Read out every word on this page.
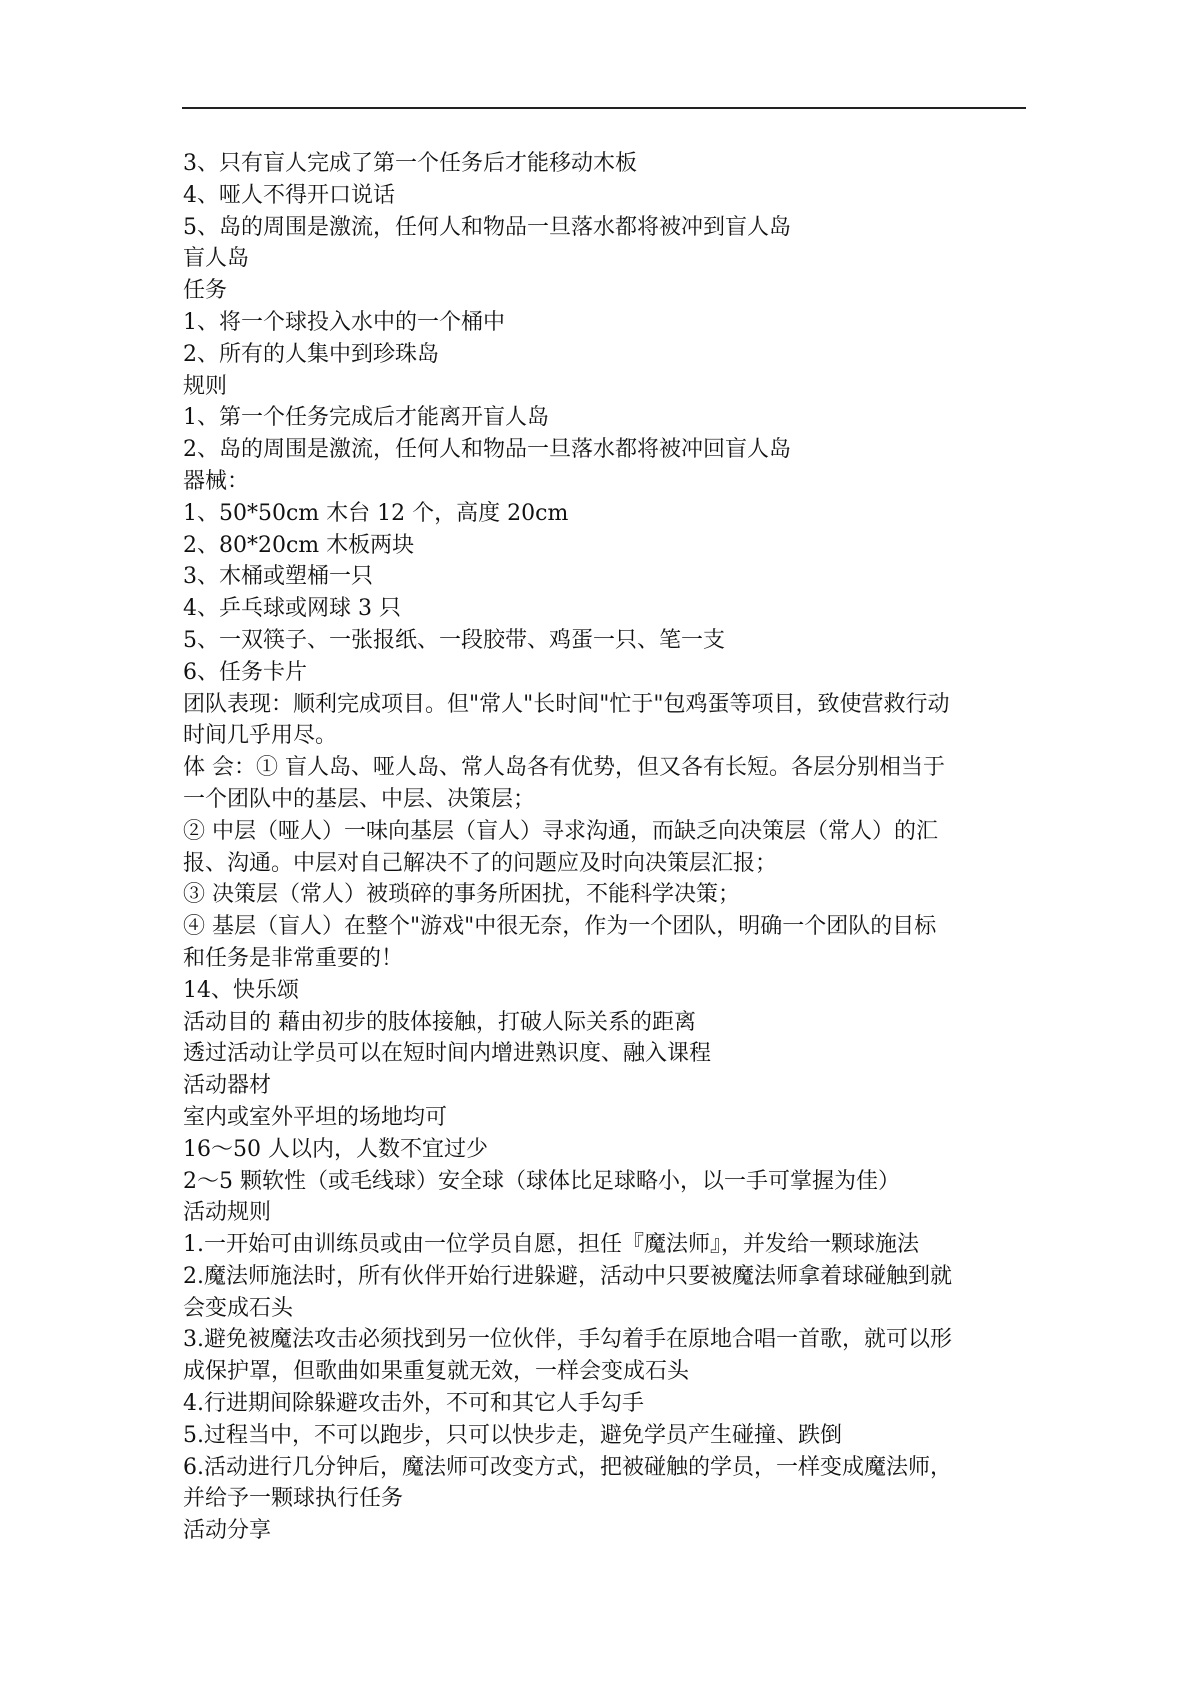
3、只有盲人完成了第一个任务后才能移动木板
4、哑人不得开口说话
5、岛的周围是激流，任何人和物品一旦落水都将被冲到盲人岛
盲人岛
任务
1、将一个球投入水中的一个桶中
2、所有的人集中到珍珠岛
规则
1、第一个任务完成后才能离开盲人岛
2、岛的周围是激流，任何人和物品一旦落水都将被冲回盲人岛
器械：
1、50*50cm 木台 12 个，高度 20cm
2、80*20cm 木板两块
3、木桶或塑桶一只
4、乒乓球或网球 3 只
5、一双筷子、一张报纸、一段胶带、鸡蛋一只、笔一支
6、任务卡片
团队表现：顺利完成项目。但"常人"长时间"忙于"包鸡蛋等项目，致使营救行动
时间几乎用尽。
体 会：① 盲人岛、哑人岛、常人岛各有优势，但又各有长短。各层分别相当于
一个团队中的基层、中层、决策层；
② 中层（哑人）一味向基层（盲人）寻求沟通，而缺乏向决策层（常人）的汇
报、沟通。中层对自己解决不了的问题应及时向决策层汇报；
③ 决策层（常人）被琐碎的事务所困扰，不能科学决策；
④ 基层（盲人）在整个"游戏"中很无奈，作为一个团队，明确一个团队的目标
和任务是非常重要的！
14、快乐颂
活动目的 藉由初步的肢体接触，打破人际关系的距离
透过活动让学员可以在短时间内增进熟识度、融入课程
活动器材
室内或室外平坦的场地均可
16～50 人以内，人数不宜过少
2～5 颗软性（或毛线球）安全球（球体比足球略小，以一手可掌握为佳）
活动规则
1.一开始可由训练员或由一位学员自愿，担任『魔法师』，并发给一颗球施法
2.魔法师施法时，所有伙伴开始行进躲避，活动中只要被魔法师拿着球碰触到就
会变成石头
3.避免被魔法攻击必须找到另一位伙伴，手勾着手在原地合唱一首歌，就可以形
成保护罩，但歌曲如果重复就无效，一样会变成石头
4.行进期间除躲避攻击外，不可和其它人手勾手
5.过程当中，不可以跑步，只可以快步走，避免学员产生碰撞、跌倒
6.活动进行几分钟后，魔法师可改变方式，把被碰触的学员，一样变成魔法师，
并给予一颗球执行任务
活动分享
